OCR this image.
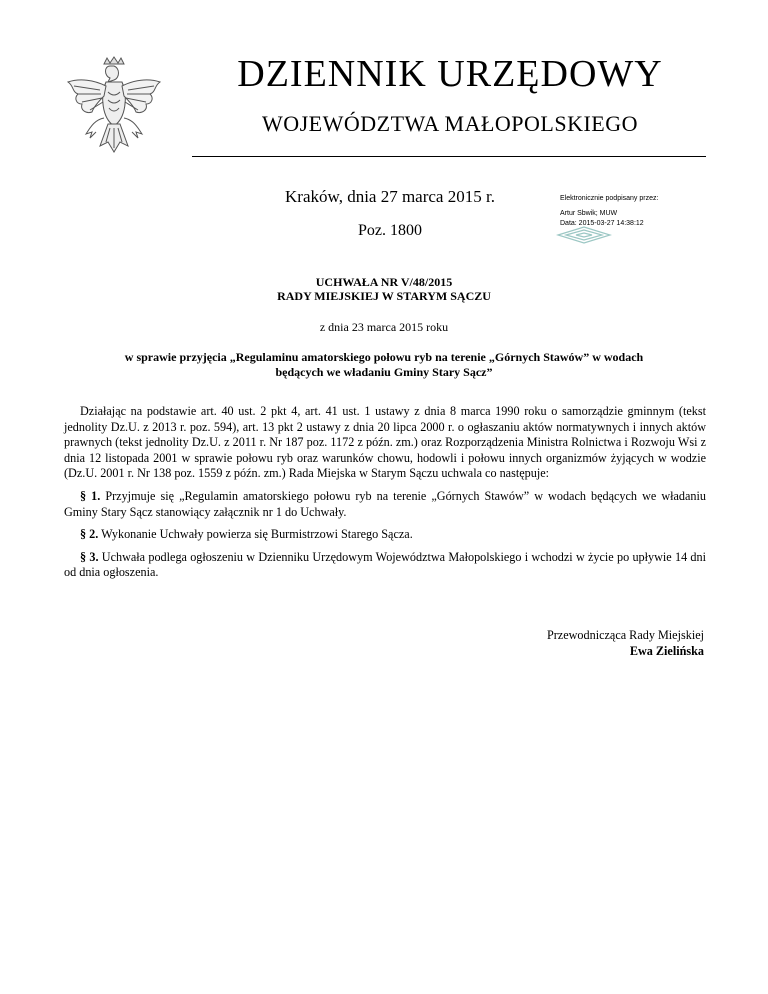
DZIENNIK URZĘDOWY
WOJEWÓDZTWA MAŁOPOLSKIEGO
Kraków, dnia 27 marca 2015 r.
Poz. 1800
Elektronicznie podpisany przez:
Artur Sbwik; MUW
Data: 2015-03-27 14:38:12
UCHWAŁA NR V/48/2015
RADY MIEJSKIEJ W STARYM SĄCZU
z dnia 23 marca 2015 roku
w sprawie przyjęcia „Regulaminu amatorskiego połowu ryb na terenie „Górnych Stawów” w wodach
będących we władaniu Gminy Stary Sącz”

Działając na podstawie art. 40 ust. 2 pkt 4, art. 41 ust. 1 ustawy z dnia 8 marca 1990 roku o samorządzie gminnym (tekst jednolity Dz.U. z 2013 r. poz. 594), art. 13 pkt 2 ustawy z dnia 20 lipca 2000 r. o ogłaszaniu aktów normatywnych i innych aktów prawnych (tekst jednolity Dz.U. z 2011 r. Nr 187 poz. 1172 z późn. zm.) oraz Rozporządzenia Ministra Rolnictwa i Rozwoju Wsi z dnia 12 listopada 2001 w sprawie połowu ryb oraz warunków chowu, hodowli i połowu innych organizmów żyjących w wodzie (Dz.U. 2001 r. Nr 138 poz. 1559 z późn. zm.) Rada Miejska w Starym Sączu uchwala co następuje:

§ 1. Przyjmuje się „Regulamin amatorskiego połowu ryb na terenie „Górnych Stawów” w wodach będących we władaniu Gminy Stary Sącz stanowiący załącznik nr 1 do Uchwały.

§ 2. Wykonanie Uchwały powierza się Burmistrzowi Starego Sącza.

§ 3. Uchwała podlega ogłoszeniu w Dzienniku Urzędowym Województwa Małopolskiego i wchodzi w życie po upływie 14 dni od dnia ogłoszenia.

Przewodnicząca Rady Miejskiej
Ewa Zielińska
